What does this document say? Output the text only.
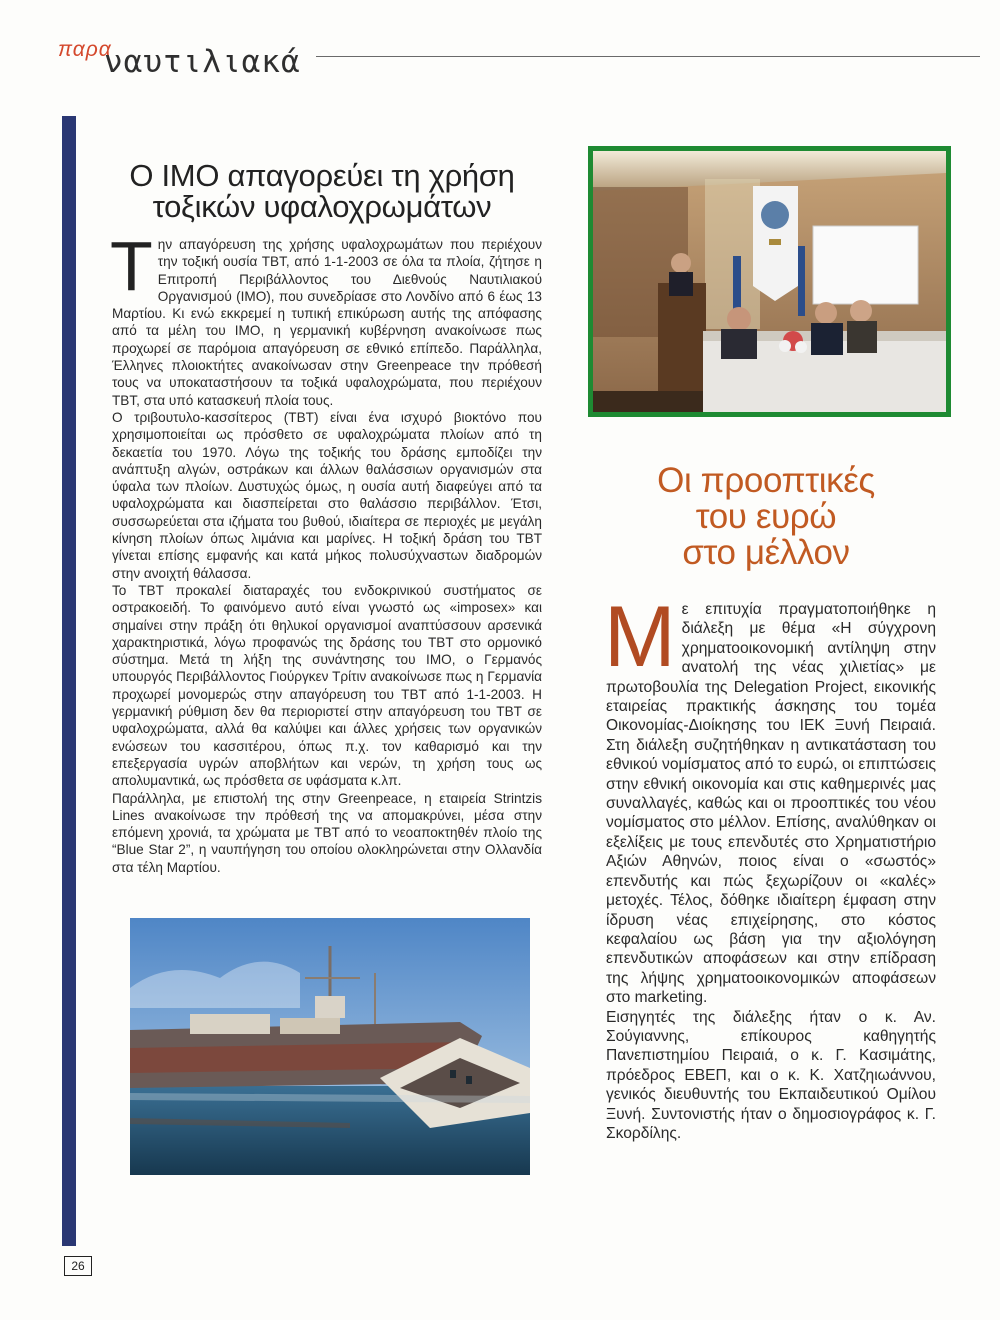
παρα
ναυτιλιακά
Ο ΙΜΟ απαγορεύει τη χρήση
τοξικών υφαλοχρωμάτων

Την απαγόρευση της χρήσης υφαλοχρωμάτων που περιέχουν την τοξική ουσία ΤΒΤ, από 1-1-2003 σε όλα τα πλοία, ζήτησε η Επιτροπή Περιβάλλοντος του Διεθνούς Ναυτιλιακού Οργανισμού (ΙΜΟ), που συνεδρίασε στο Λονδίνο από 6 έως 13 Μαρτίου. Κι ενώ εκκρεμεί η τυπική επικύρωση αυτής της απόφασης από τα μέλη του ΙΜΟ, η γερμανική κυβέρνηση ανακοίνωσε πως προχωρεί σε παρόμοια απαγόρευση σε εθνικό επίπεδο. Παράλληλα, Έλληνες πλοιοκτήτες ανακοίνωσαν στην Greenpeace την πρόθεσή τους να υποκαταστήσουν τα τοξικά υφαλοχρώματα, που περιέχουν ΤΒΤ, στα υπό κατασκευή πλοία τους.

Ο τριβουτυλο-κασσίτερος (ΤΒΤ) είναι ένα ισχυρό βιοκτόνο που χρησιμοποιείται ως πρόσθετο σε υφαλοχρώματα πλοίων από τη δεκαετία του 1970. Λόγω της τοξικής του δράσης εμποδίζει την ανάπτυξη αλγών, οστράκων και άλλων θαλάσσιων οργανισμών στα ύφαλα των πλοίων. Δυστυχώς όμως, η ουσία αυτή διαφεύγει από τα υφαλοχρώματα και διασπείρεται στο θαλάσσιο περιβάλλον. Έτσι, συσσωρεύεται στα ιζήματα του βυθού, ιδιαίτερα σε περιοχές με μεγάλη κίνηση πλοίων όπως λιμάνια και μαρίνες. Η τοξική δράση του ΤΒΤ γίνεται επίσης εμφανής και κατά μήκος πολυσύχναστων διαδρομών στην ανοιχτή θάλασσα.

Το ΤΒΤ προκαλεί διαταραχές του ενδοκρινικού συστήματος σε οστρακοειδή. Το φαινόμενο αυτό είναι γνωστό ως «imposex» και σημαίνει στην πράξη ότι θηλυκοί οργανισμοί αναπτύσσουν αρσενικά χαρακτηριστικά, λόγω προφανώς της δράσης του ΤΒΤ στο ορμονικό σύστημα. Μετά τη λήξη της συνάντησης του ΙΜΟ, ο Γερμανός υπουργός Περιβάλλοντος Γιούργκεν Τρίτιν ανακοίνωσε πως η Γερμανία προχωρεί μονομερώς στην απαγόρευση του ΤΒΤ από 1-1-2003. Η γερμανική ρύθμιση δεν θα περιοριστεί στην απαγόρευση του ΤΒΤ σε υφαλοχρώματα, αλλά θα καλύψει και άλλες χρήσεις των οργανικών ενώσεων του κασσιτέρου, όπως π.χ. τον καθαρισμό και την επεξεργασία υγρών αποβλήτων και νερών, τη χρήση τους ως απολυμαντικά, ως πρόσθετα σε υφάσματα κ.λπ.

Παράλληλα, με επιστολή της στην Greenpeace, η εταιρεία Strintzis Lines ανακοίνωσε την πρόθεσή της να απομακρύνει, μέσα στην επόμενη χρονιά, τα χρώματα με ΤΒΤ από το νεοαποκτηθέν πλοίο της “Blue Star 2”, η ναυπήγηση του οποίου ολοκληρώνεται στην Ολλανδία στα τέλη Μαρτίου.

Οι προοπτικές
του ευρώ
στο μέλλον

Με επιτυχία πραγματοποιήθηκε η διάλεξη με θέμα «Η σύγχρονη χρηματοοικονομική αντίληψη στην ανατολή της νέας χιλιετίας» με πρωτοβουλία της Delegation Project, εικονικής εταιρείας πρακτικής άσκησης του τομέα Οικονομίας-Διοίκησης του ΙΕΚ Ξυνή Πειραιά. Στη διάλεξη συζητήθηκαν η αντικατάσταση του εθνικού νομίσματος από το ευρώ, οι επιπτώσεις στην εθνική οικονομία και στις καθημερινές μας συναλλαγές, καθώς και οι προοπτικές του νέου νομίσματος στο μέλλον. Επίσης, αναλύθηκαν οι εξελίξεις με τους επενδυτές στο Χρηματιστήριο Αξιών Αθηνών, ποιος είναι ο «σωστός» επενδυτής και πώς ξεχωρίζουν οι «καλές» μετοχές. Τέλος, δόθηκε ιδιαίτερη έμφαση στην ίδρυση νέας επιχείρησης, στο κόστος κεφαλαίου ως βάση για την αξιολόγηση επενδυτικών αποφάσεων και στην επίδραση της λήψης χρηματοοικονομικών αποφάσεων στο marketing.

Εισηγητές της διάλεξης ήταν ο κ. Αν. Σούγιαννης, επίκουρος καθηγητής Πανεπιστημίου Πειραιά, ο κ. Γ. Κασιμάτης, πρόεδρος ΕΒΕΠ, και ο κ. Κ. Χατζηιωάννου, γενικός διευθυντής του Εκπαιδευτικού Ομίλου Ξυνή. Συντονιστής ήταν ο δημοσιογράφος κ. Γ. Σκορδίλης.

26
